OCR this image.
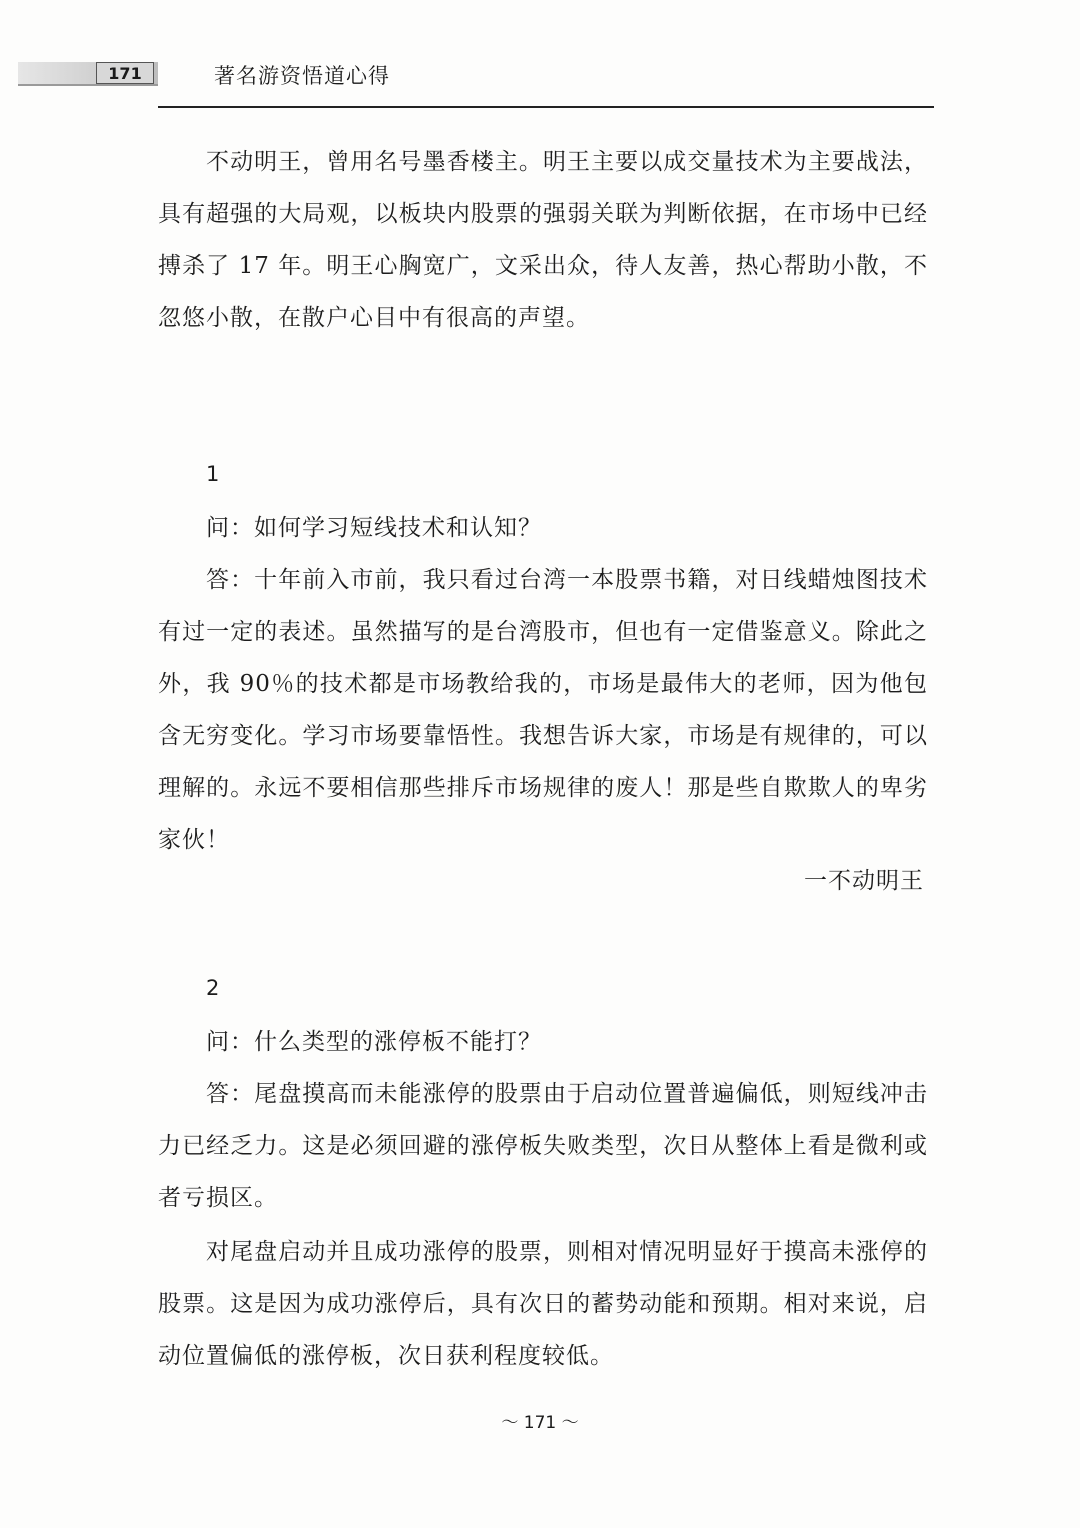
171	著名游资悟道心得
不动明王，曾用名号墨香楼主。明王主要以成交量技术为主要战法，具有超强的大局观，以板块内股票的强弱关联为判断依据，在市场中已经搏杀了 17 年。明王心胸宽广，文采出众，待人友善，热心帮助小散，不忽悠小散，在散户心目中有很高的声望。
1
问：如何学习短线技术和认知？
答：十年前入市前，我只看过台湾一本股票书籍，对日线蜡烛图技术有过一定的表述。虽然描写的是台湾股市，但也有一定借鉴意义。除此之外，我 90％的技术都是市场教给我的，市场是最伟大的老师，因为他包含无穷变化。学习市场要靠悟性。我想告诉大家，市场是有规律的，可以理解的。永远不要相信那些排斥市场规律的废人！那是些自欺欺人的卑劣家伙！
一不动明王
2
问：什么类型的涨停板不能打？
答：尾盘摸高而未能涨停的股票由于启动位置普遍偏低，则短线冲击力已经乏力。这是必须回避的涨停板失败类型，次日从整体上看是微利或者亏损区。
对尾盘启动并且成功涨停的股票，则相对情况明显好于摸高未涨停的股票。这是因为成功涨停后，具有次日的蓄势动能和预期。相对来说，启动位置偏低的涨停板，次日获利程度较低。
～ 171 ～
